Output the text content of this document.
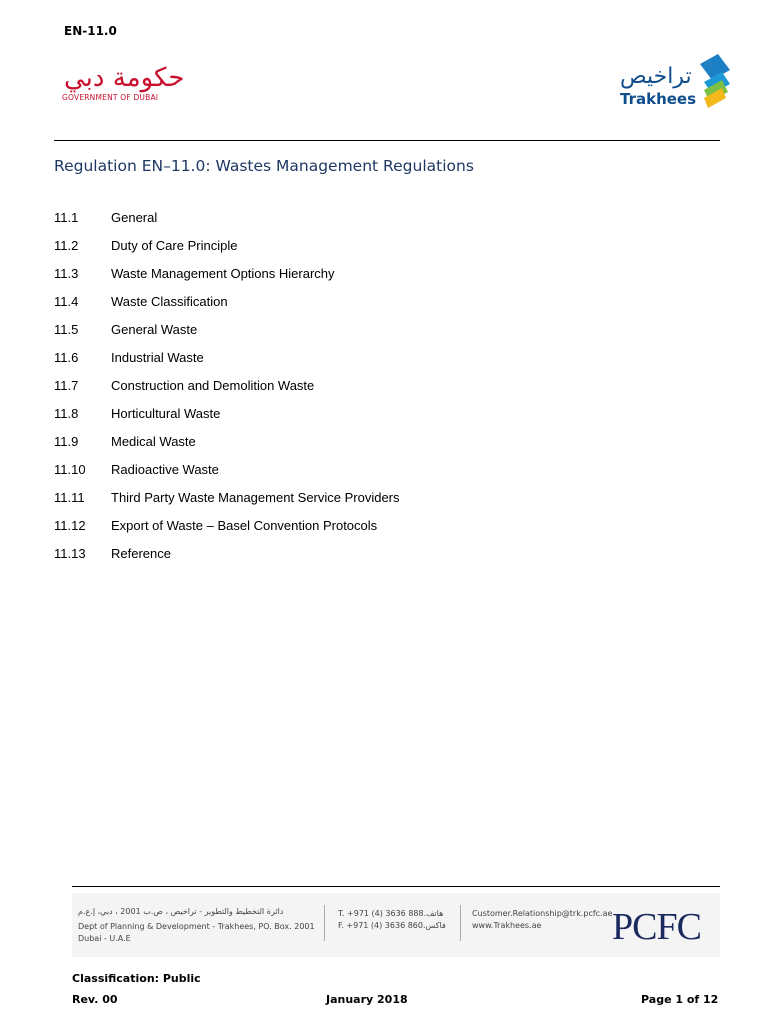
EN-11.0
حكومة دبي
GOVERNMENT OF DUBAI
تراخيص
Trakhees
Regulation EN–11.0: Wastes Management Regulations
11.1	General
11.2	Duty of Care Principle
11.3	Waste Management Options Hierarchy
11.4	Waste Classification
11.5	General Waste
11.6	Industrial Waste
11.7	Construction and Demolition Waste
11.8	Horticultural Waste
11.9	Medical Waste
11.10	Radioactive Waste
11.11	Third Party Waste Management Service Providers
11.12	Export of Waste – Basel Convention Protocols
11.13	Reference
دائرة التخطيط والتطوير - تراخيص ، ص.ب 2001 ، دبي، إ.ع.م
Dept of Planning & Development - Trakhees, PO. Box. 2001
Dubai - U.A.E
T. +971 (4) 3636 888.هاتف
F. +971 (4) 3636 860.فاكس
Customer.Relationship@trk.pcfc.ae
www.Trakhees.ae PCFC
Classification: Public
Rev. 00	January 2018	Page 1 of 12
